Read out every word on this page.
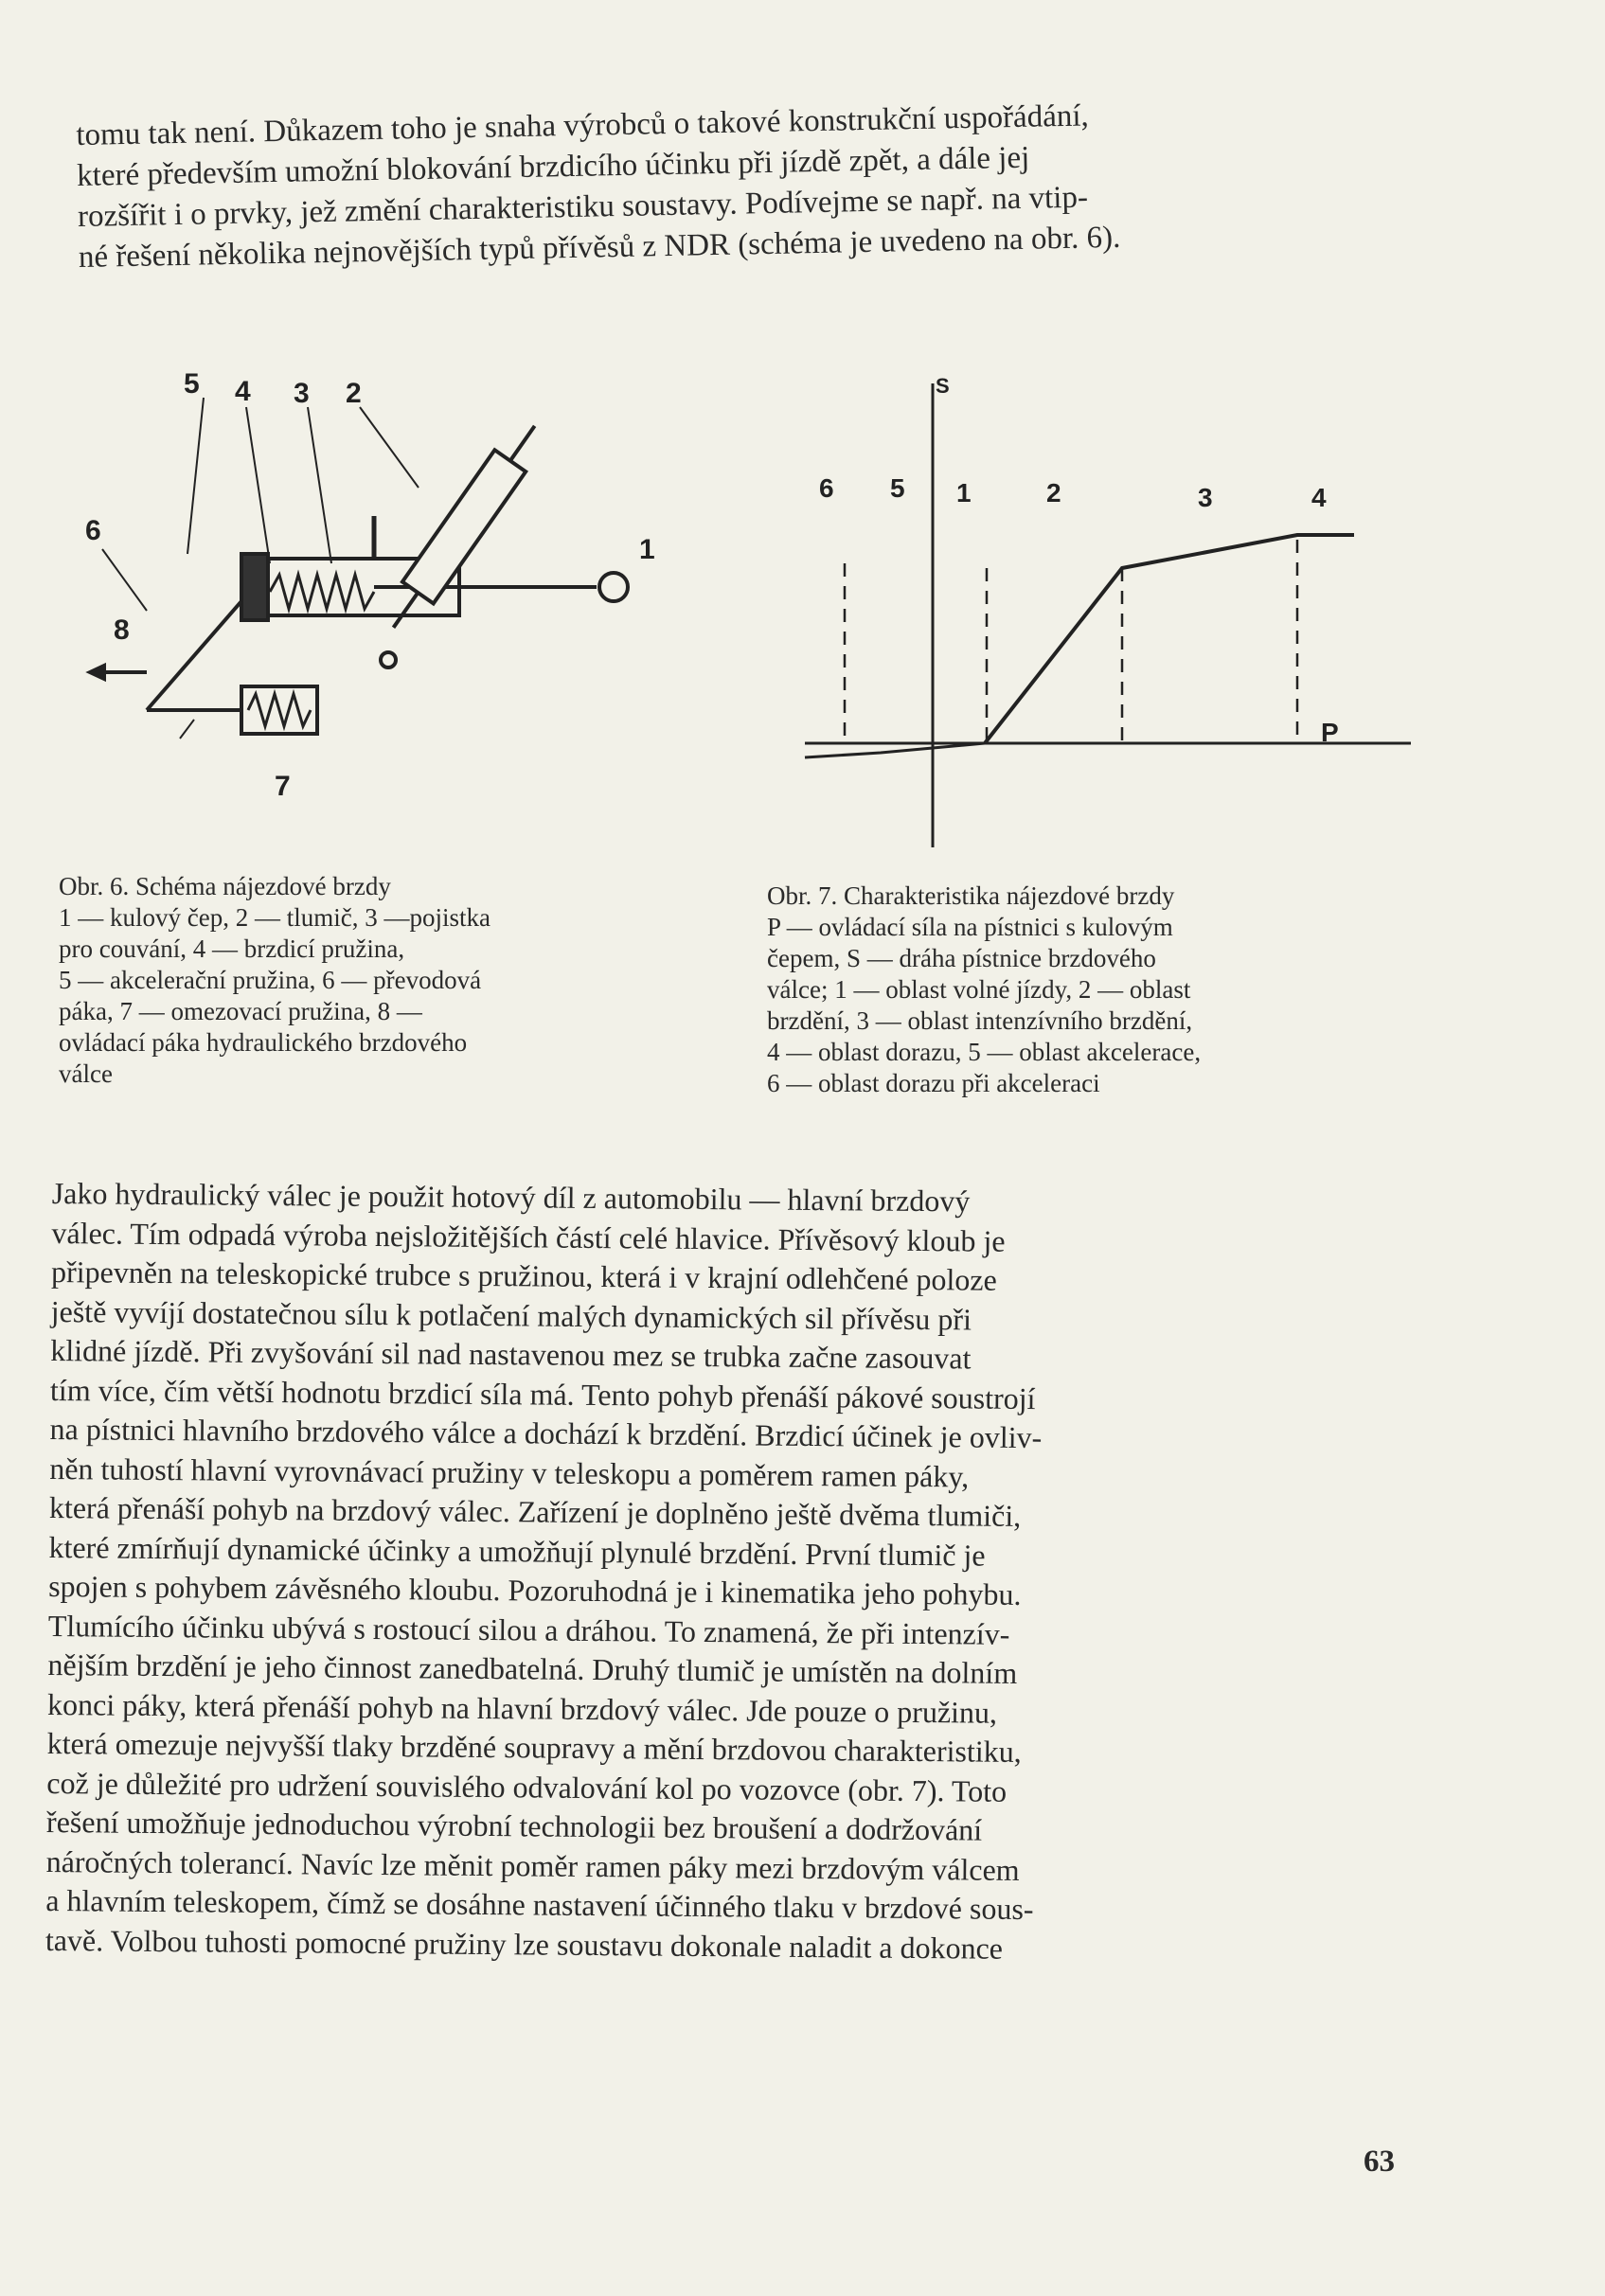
tomu tak není. Důkazem toho je snaha výrobců o takové konstrukční uspořádání,
které především umožní blokování brzdicího účinku při jízdě zpět, a dále jej
rozšířit i o prvky, jež změní charakteristiku soustavy. Podívejme se např. na vtip-
né řešení několika nejnovějších typů přívěsů z NDR (schéma je uvedeno na obr. 6).
5 4 3 2
6
1
8
7
Obr. 6. Schéma nájezdové brzdy
1 — kulový čep, 2 — tlumič, 3 —pojistka
pro couvání, 4 — brzdicí pružina,
5 — akcelerační pružina, 6 — převodová
páka, 7 — omezovací pružina, 8 —
ovládací páka hydraulického brzdového
válce
S
P
6 5 1	2	3	4
Obr. 7. Charakteristika nájezdové brzdy
P — ovládací síla na pístnici s kulovým
čepem, S — dráha pístnice brzdového
válce; 1 — oblast volné jízdy, 2 — oblast
brzdění, 3 — oblast intenzívního brzdění,
4 — oblast dorazu, 5 — oblast akcelerace,
6 — oblast dorazu při akceleraci
Jako hydraulický válec je použit hotový díl z automobilu — hlavní brzdový
válec. Tím odpadá výroba nejsložitějších částí celé hlavice. Přívěsový kloub je
připevněn na teleskopické trubce s pružinou, která i v krajní odlehčené poloze
ještě vyvíjí dostatečnou sílu k potlačení malých dynamických sil přívěsu při
klidné jízdě. Při zvyšování sil nad nastavenou mez se trubka začne zasouvat
tím více, čím větší hodnotu brzdicí síla má. Tento pohyb přenáší pákové soustrojí
na pístnici hlavního brzdového válce a dochází k brzdění. Brzdicí účinek je ovliv-
něn tuhostí hlavní vyrovnávací pružiny v teleskopu a poměrem ramen páky,
která přenáší pohyb na brzdový válec. Zařízení je doplněno ještě dvěma tlumiči,
které zmírňují dynamické účinky a umožňují plynulé brzdění. První tlumič je
spojen s pohybem závěsného kloubu. Pozoruhodná je i kinematika jeho pohybu.
Tlumícího účinku ubývá s rostoucí silou a dráhou. To znamená, že při intenzív-
nějším brzdění je jeho činnost zanedbatelná. Druhý tlumič je umístěn na dolním
konci páky, která přenáší pohyb na hlavní brzdový válec. Jde pouze o pružinu,
která omezuje nejvyšší tlaky brzděné soupravy a mění brzdovou charakteristiku,
což je důležité pro udržení souvislého odvalování kol po vozovce (obr. 7). Toto
řešení umožňuje jednoduchou výrobní technologii bez broušení a dodržování
náročných tolerancí. Navíc lze měnit poměr ramen páky mezi brzdovým válcem
a hlavním teleskopem, čímž se dosáhne nastavení účinného tlaku v brzdové sous-
tavě. Volbou tuhosti pomocné pružiny lze soustavu dokonale naladit a dokonce
63
